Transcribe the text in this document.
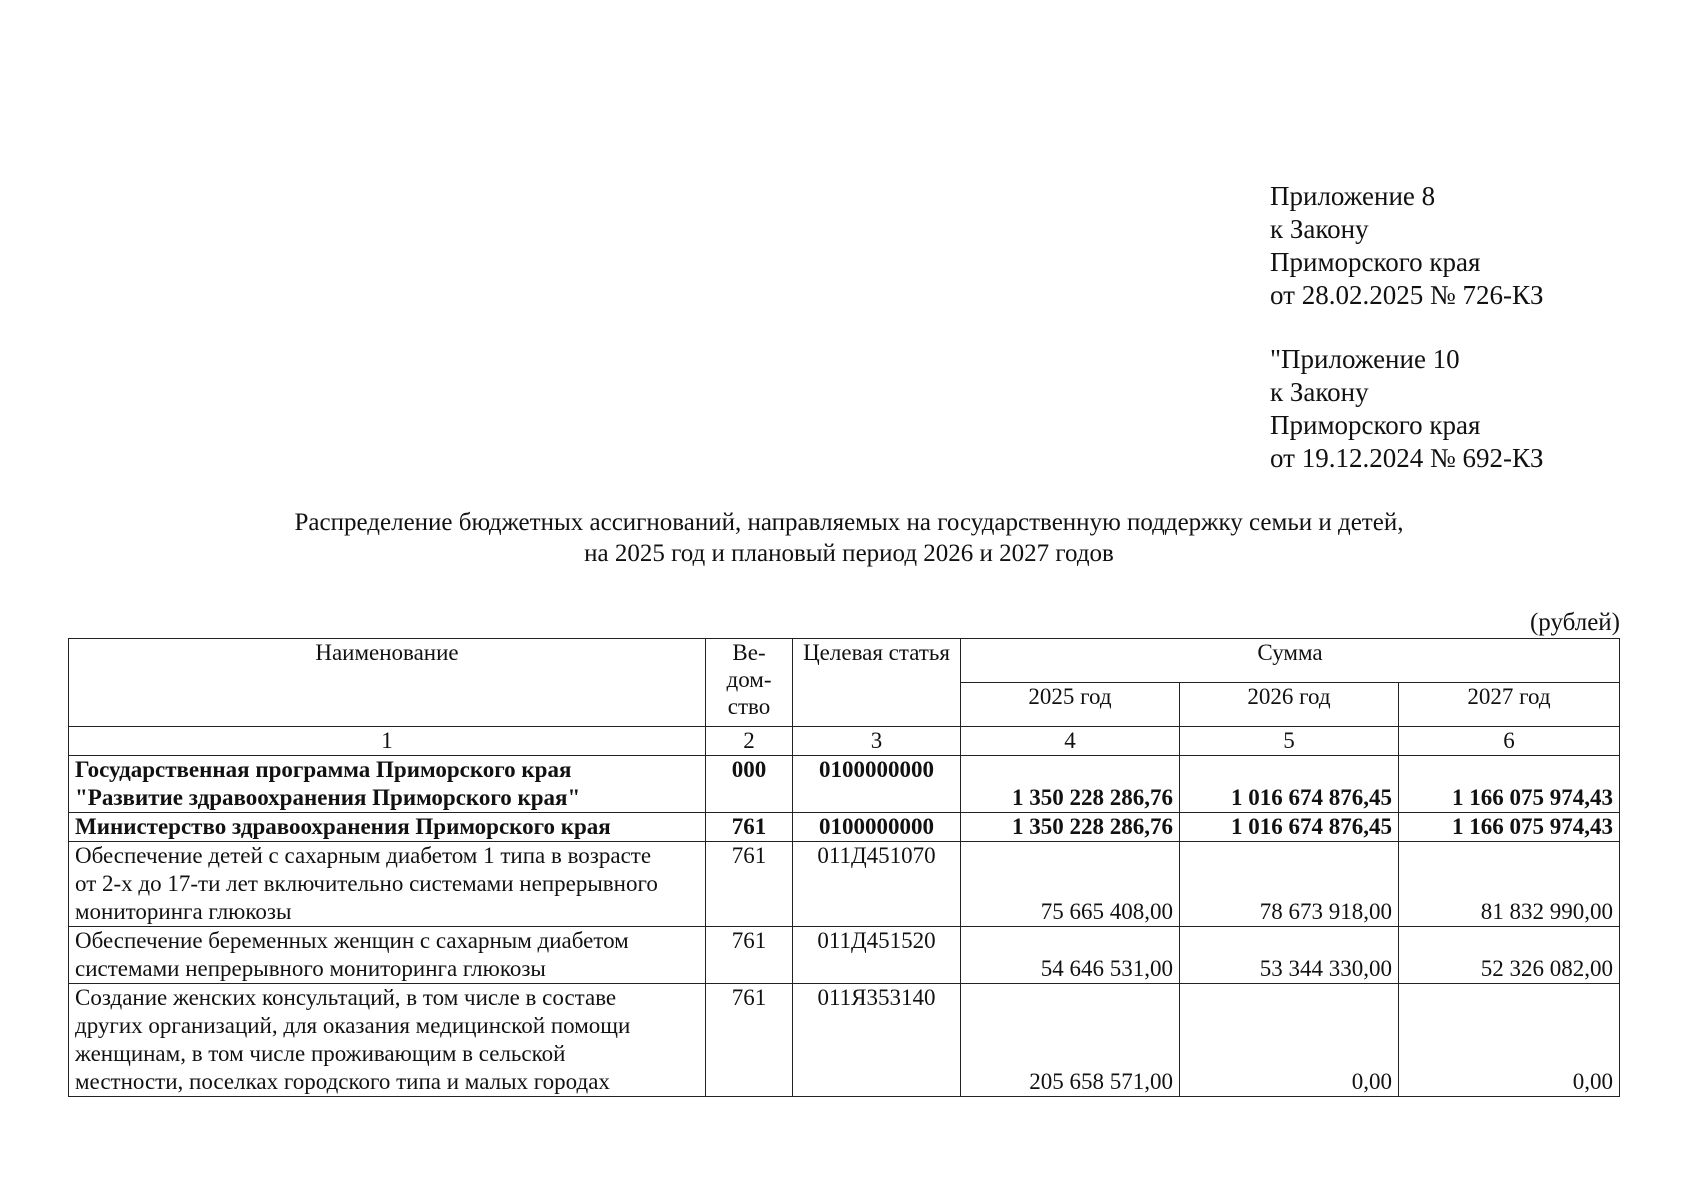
Приложение 8
к Закону
Приморского края
от 28.02.2025 № 726-КЗ
"Приложение 10
к Закону
Приморского края
от 19.12.2024 № 692-КЗ
Распределение бюджетных ассигнований, направляемых на государственную поддержку семьи и детей,
на 2025 год и плановый период 2026 и 2027 годов
(рублей)
Наименование	Ве-
дом-
ство	Целевая статья	Сумма		
			2025 год	2026 год	2027 год
1	2	3	4	5	6

Государственная программа Приморского края
"Развитие здравоохранения Приморского края"	000	0100000000	1 350 228 286,76	1 016 674 876,45	1 166 075 974,43
Министерство здравоохранения Приморского края	761	0100000000	1 350 228 286,76	1 016 674 876,45	1 166 075 974,43

Обеспечение детей с сахарным диабетом 1 типа в возрасте
от 2-х до 17-ти лет включительно системами непрерывного
мониторинга глюкозы	761	011Д451070	75 665 408,00	78 673 918,00	81 832 990,00

Обеспечение беременных женщин с сахарным диабетом
системами непрерывного мониторинга глюкозы	761	011Д451520	54 646 531,00	53 344 330,00	52 326 082,00

Создание женских консультаций, в том числе в составе
других организаций, для оказания медицинской помощи
женщинам, в том числе проживающим в сельской
местности, поселках городского типа и малых городах	761	011Я353140	205 658 571,00	0,00	0,00
